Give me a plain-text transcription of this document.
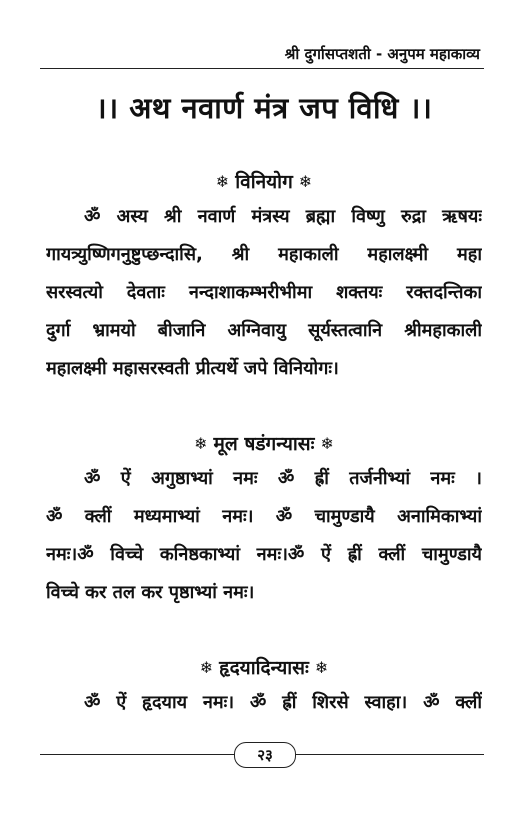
श्री दुर्गासप्तशती - अनुपम महाकाव्य
।। अथ नवार्ण मंत्र जप विधि ।।
❄ विनियोग ❄
ॐ अस्य श्री नवार्ण मंत्रस्य ब्रह्मा विष्णु रुद्रा ऋषयः
गायत्र्युष्णिगनुष्टुप्छन्दासि, श्री महाकाली महालक्ष्मी महा
सरस्वत्यो देवताः नन्दाशाकम्भरीभीमा शक्तयः रक्तदन्तिका
दुर्गा भ्रामयो बीजानि अग्निवायु सूर्यस्तत्वानि श्रीमहाकाली
महालक्ष्मी महासरस्वती प्रीत्यर्थे जपे विनियोगः।
❄ मूल षडंगन्यासः ❄
ॐ ऐं अगुष्ठाभ्यां नमः ॐ ह्रीं तर्जनीभ्यां नमः ।
ॐ क्लीं मध्यमाभ्यां नमः। ॐ चामुण्डायै अनामिकाभ्यां
नमः।ॐ विच्चे कनिष्ठकाभ्यां नमः।ॐ ऐं ह्रीं क्लीं चामुण्डायै
विच्चे कर तल कर पृष्ठाभ्यां नमः।
❄ हृदयादिन्यासः ❄
ॐ ऐं हृदयाय नमः। ॐ ह्रीं शिरसे स्वाहा। ॐ क्लीं
२३
